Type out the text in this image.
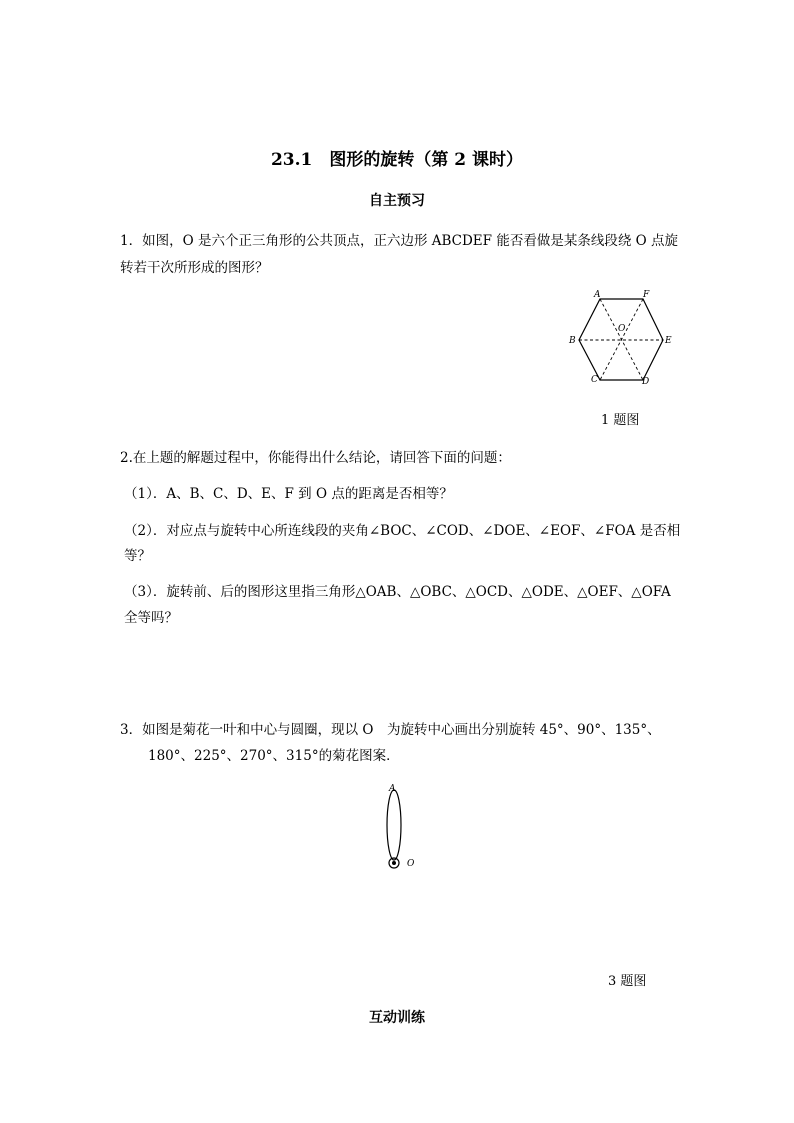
23.1　图形的旋转（第 2 课时）
自主预习
1．如图，O 是六个正三角形的公共顶点，正六边形 ABCDEF 能否看做是某条线段绕 O 点旋
转若干次所形成的图形？
A	F
B	E
O
C	D
1 题图
2.在上题的解题过程中，你能得出什么结论，请回答下面的问题：
（1）．A、B、C、D、E、F 到 O 点的距离是否相等？
（2）．对应点与旋转中心所连线段的夹角∠BOC、∠COD、∠DOE、∠EOF、∠FOA 是否相
等？
（3）．旋转前、后的图形这里指三角形△OAB、△OBC、△OCD、△ODE、△OEF、△OFA
全等吗？
3．如图是菊花一叶和中心与圆圈，现以 O　为旋转中心画出分别旋转 45°、90°、135°、
180°、225°、270°、315°的菊花图案．
A
O
3 题图
互动训练
